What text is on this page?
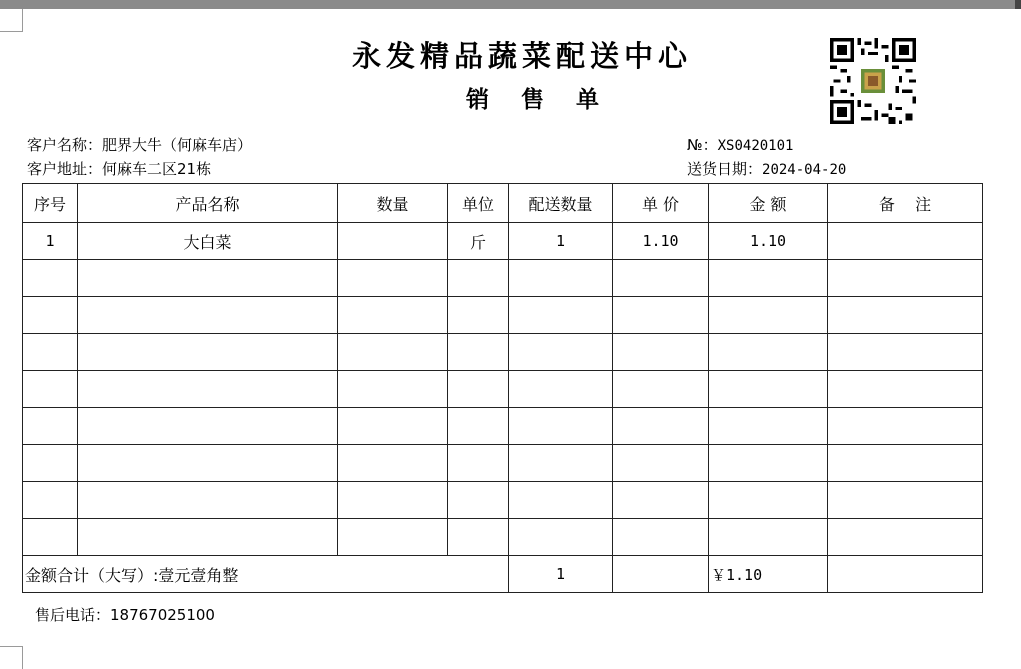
永发精品蔬菜配送中心
销 售 单
客户名称：肥界大牛（何麻车店）
客户地址：何麻车二区21栋
№：XS0420101
送货日期：2024-04-20
序号	产品名称	数量	单位	配送数量	单 价	金 额	备    注
1	大白菜		斤	1	1.10	1.10	

金额合计（大写）:壹元壹角整				1		￥1.10	
售后电话：18767025100
